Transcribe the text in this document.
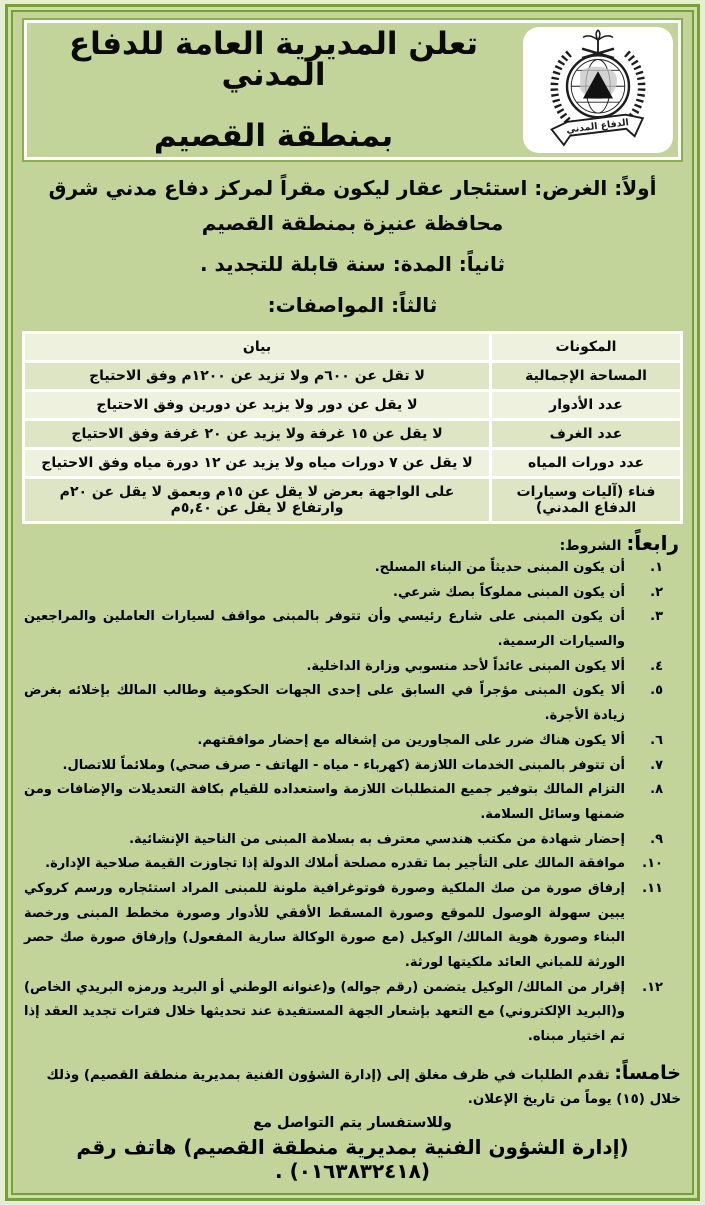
الدفاع المدني
تعلن المديرية العامة للدفاع المدني
بمنطقة القصيم

أولاً: الغرض: استئجار عقار ليكون مقراً لمركز دفاع مدني شرق محافظة عنيزة بمنطقة القصيم

ثانياً: المدة: سنة قابلة للتجديد .

ثالثاً: المواصفات:

المكونات	بيان
المساحة الإجمالية	لا تقل عن ٦٠٠م ولا تزيد عن ١٢٠٠م وفق الاحتياج
عدد الأدوار	لا يقل عن دور ولا يزيد عن دورين وفق الاحتياج
عدد الغرف	لا يقل عن ١٥ غرفة ولا يزيد عن ٢٠ غرفة وفق الاحتياج
عدد دورات المياه	لا يقل عن ٧ دورات مياه ولا يزيد عن ١٢ دورة مياه وفق الاحتياج
فناء (آليات وسيارات الدفاع المدني)	على الواجهة بعرض لا يقل عن ١٥م وبعمق لا يقل عن ٢٠م وارتفاع لا يقل عن ٥,٤٠م
رابعاً: الشروط:
١.
أن يكون المبنى حديثاً من البناء المسلح.
٢.
أن يكون المبنى مملوكاً بصك شرعي.
٣.
أن يكون المبنى على شارع رئيسي وأن تتوفر بالمبنى مواقف لسيارات العاملين والمراجعين والسيارات الرسمية.
٤.
ألا يكون المبنى عائداً لأحد منسوبي وزارة الداخلية.
٥.
ألا يكون المبنى مؤجراً في السابق على إحدى الجهات الحكومية وطالب المالك بإخلائه بغرض زيادة الأجرة.
٦.
ألا يكون هناك ضرر على المجاورين من إشغاله مع إحضار موافقتهم.
٧.
أن تتوفر بالمبنى الخدمات اللازمة (كهرباء - مياه - الهاتف - صرف صحي) وملائماً للاتصال.
٨.
التزام المالك بتوفير جميع المتطلبات اللازمة واستعداده للقيام بكافة التعديلات والإضافات ومن ضمنها وسائل السلامة.
٩.
إحضار شهادة من مكتب هندسي معترف به بسلامة المبنى من الناحية الإنشائية.
١٠.
موافقة المالك على التأجير بما تقدره مصلحة أملاك الدولة إذا تجاوزت القيمة صلاحية الإدارة.
١١.
إرفاق صورة من صك الملكية وصورة فوتوغرافية ملونة للمبنى المراد استئجاره ورسم كروكي يبين سهولة الوصول للموقع وصورة المسقط الأفقي للأدوار وصورة مخطط المبنى ورخصة البناء وصورة هوية المالك/ الوكيل (مع صورة الوكالة سارية المفعول) وإرفاق صورة صك حصر الورثة للمباني العائد ملكيتها لورثة.
١٢.
إقرار من المالك/ الوكيل يتضمن (رقم جواله) و(عنوانه الوطني أو البريد ورمزه البريدي الخاص) و(البريد الإلكتروني) مع التعهد بإشعار الجهة المستفيدة عند تحديثها خلال فترات تجديد العقد إذا تم اختيار مبناه.
خامساً: تقدم الطلبات في ظرف مغلق إلى (إدارة الشؤون الفنية بمديرية منطقة القصيم) وذلك خلال (١٥) يوماً من تاريخ الإعلان.
وللاستفسار يتم التواصل مع
(إدارة الشؤون الفنية بمديرية منطقة القصيم) هاتف رقم (٠١٦٣٨٣٢٤١٨) .
